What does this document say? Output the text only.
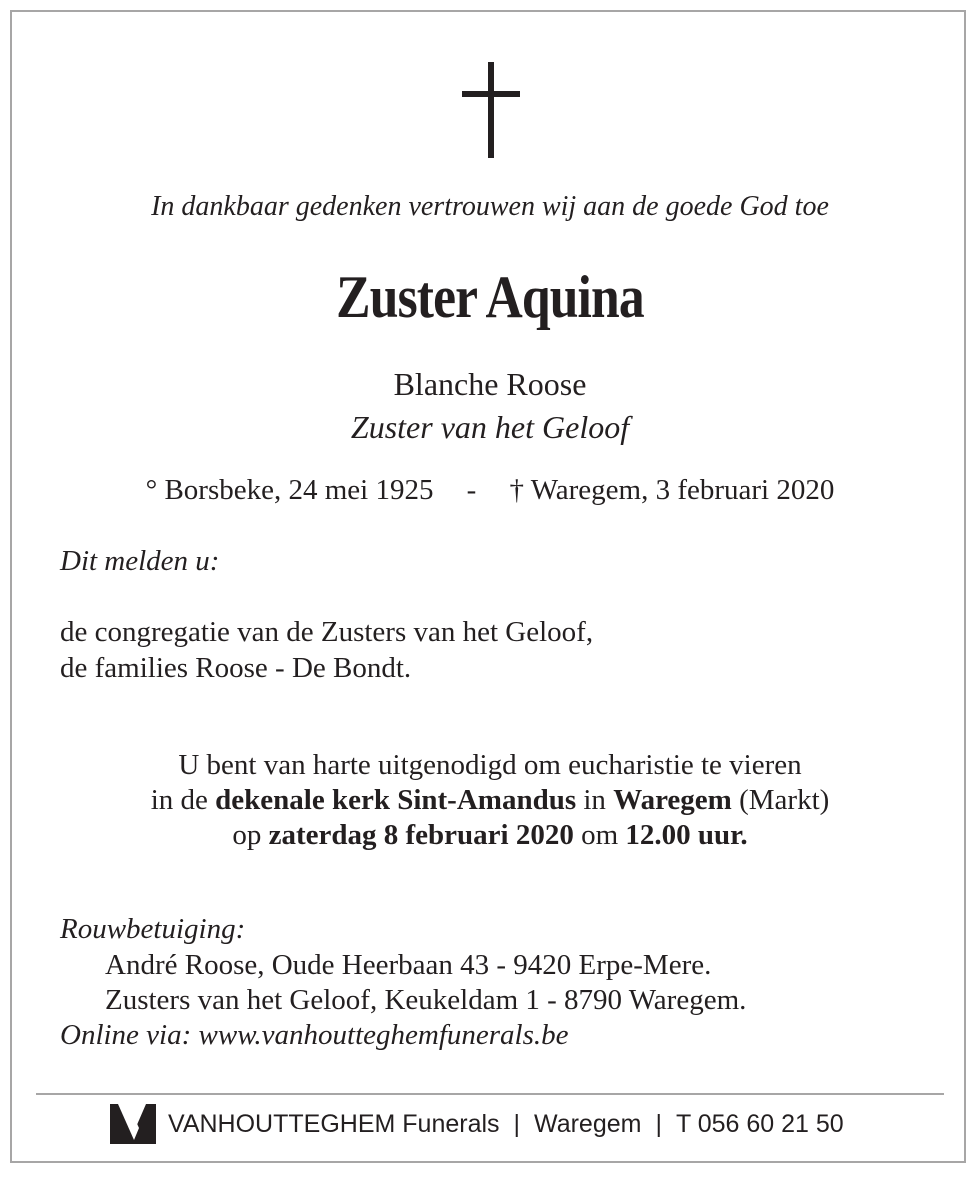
In dankbaar gedenken vertrouwen wij aan de goede God toe
Zuster Aquina
Blanche Roose
Zuster van het Geloof
° Borsbeke, 24 mei 1925 - † Waregem, 3 februari 2020
Dit melden u:
de congregatie van de Zusters van het Geloof,
de families Roose - De Bondt.
U bent van harte uitgenodigd om eucharistie te vieren
in de dekenale kerk Sint-Amandus in Waregem (Markt)
op zaterdag 8 februari 2020 om 12.00 uur.
Rouwbetuiging:
André Roose, Oude Heerbaan 43 - 9420 Erpe-Mere.
Zusters van het Geloof, Keukeldam 1 - 8790 Waregem.
Online via: www.vanhoutteghemfunerals.be
VANHOUTTEGHEM Funerals | Waregem | T 056 60 21 50
